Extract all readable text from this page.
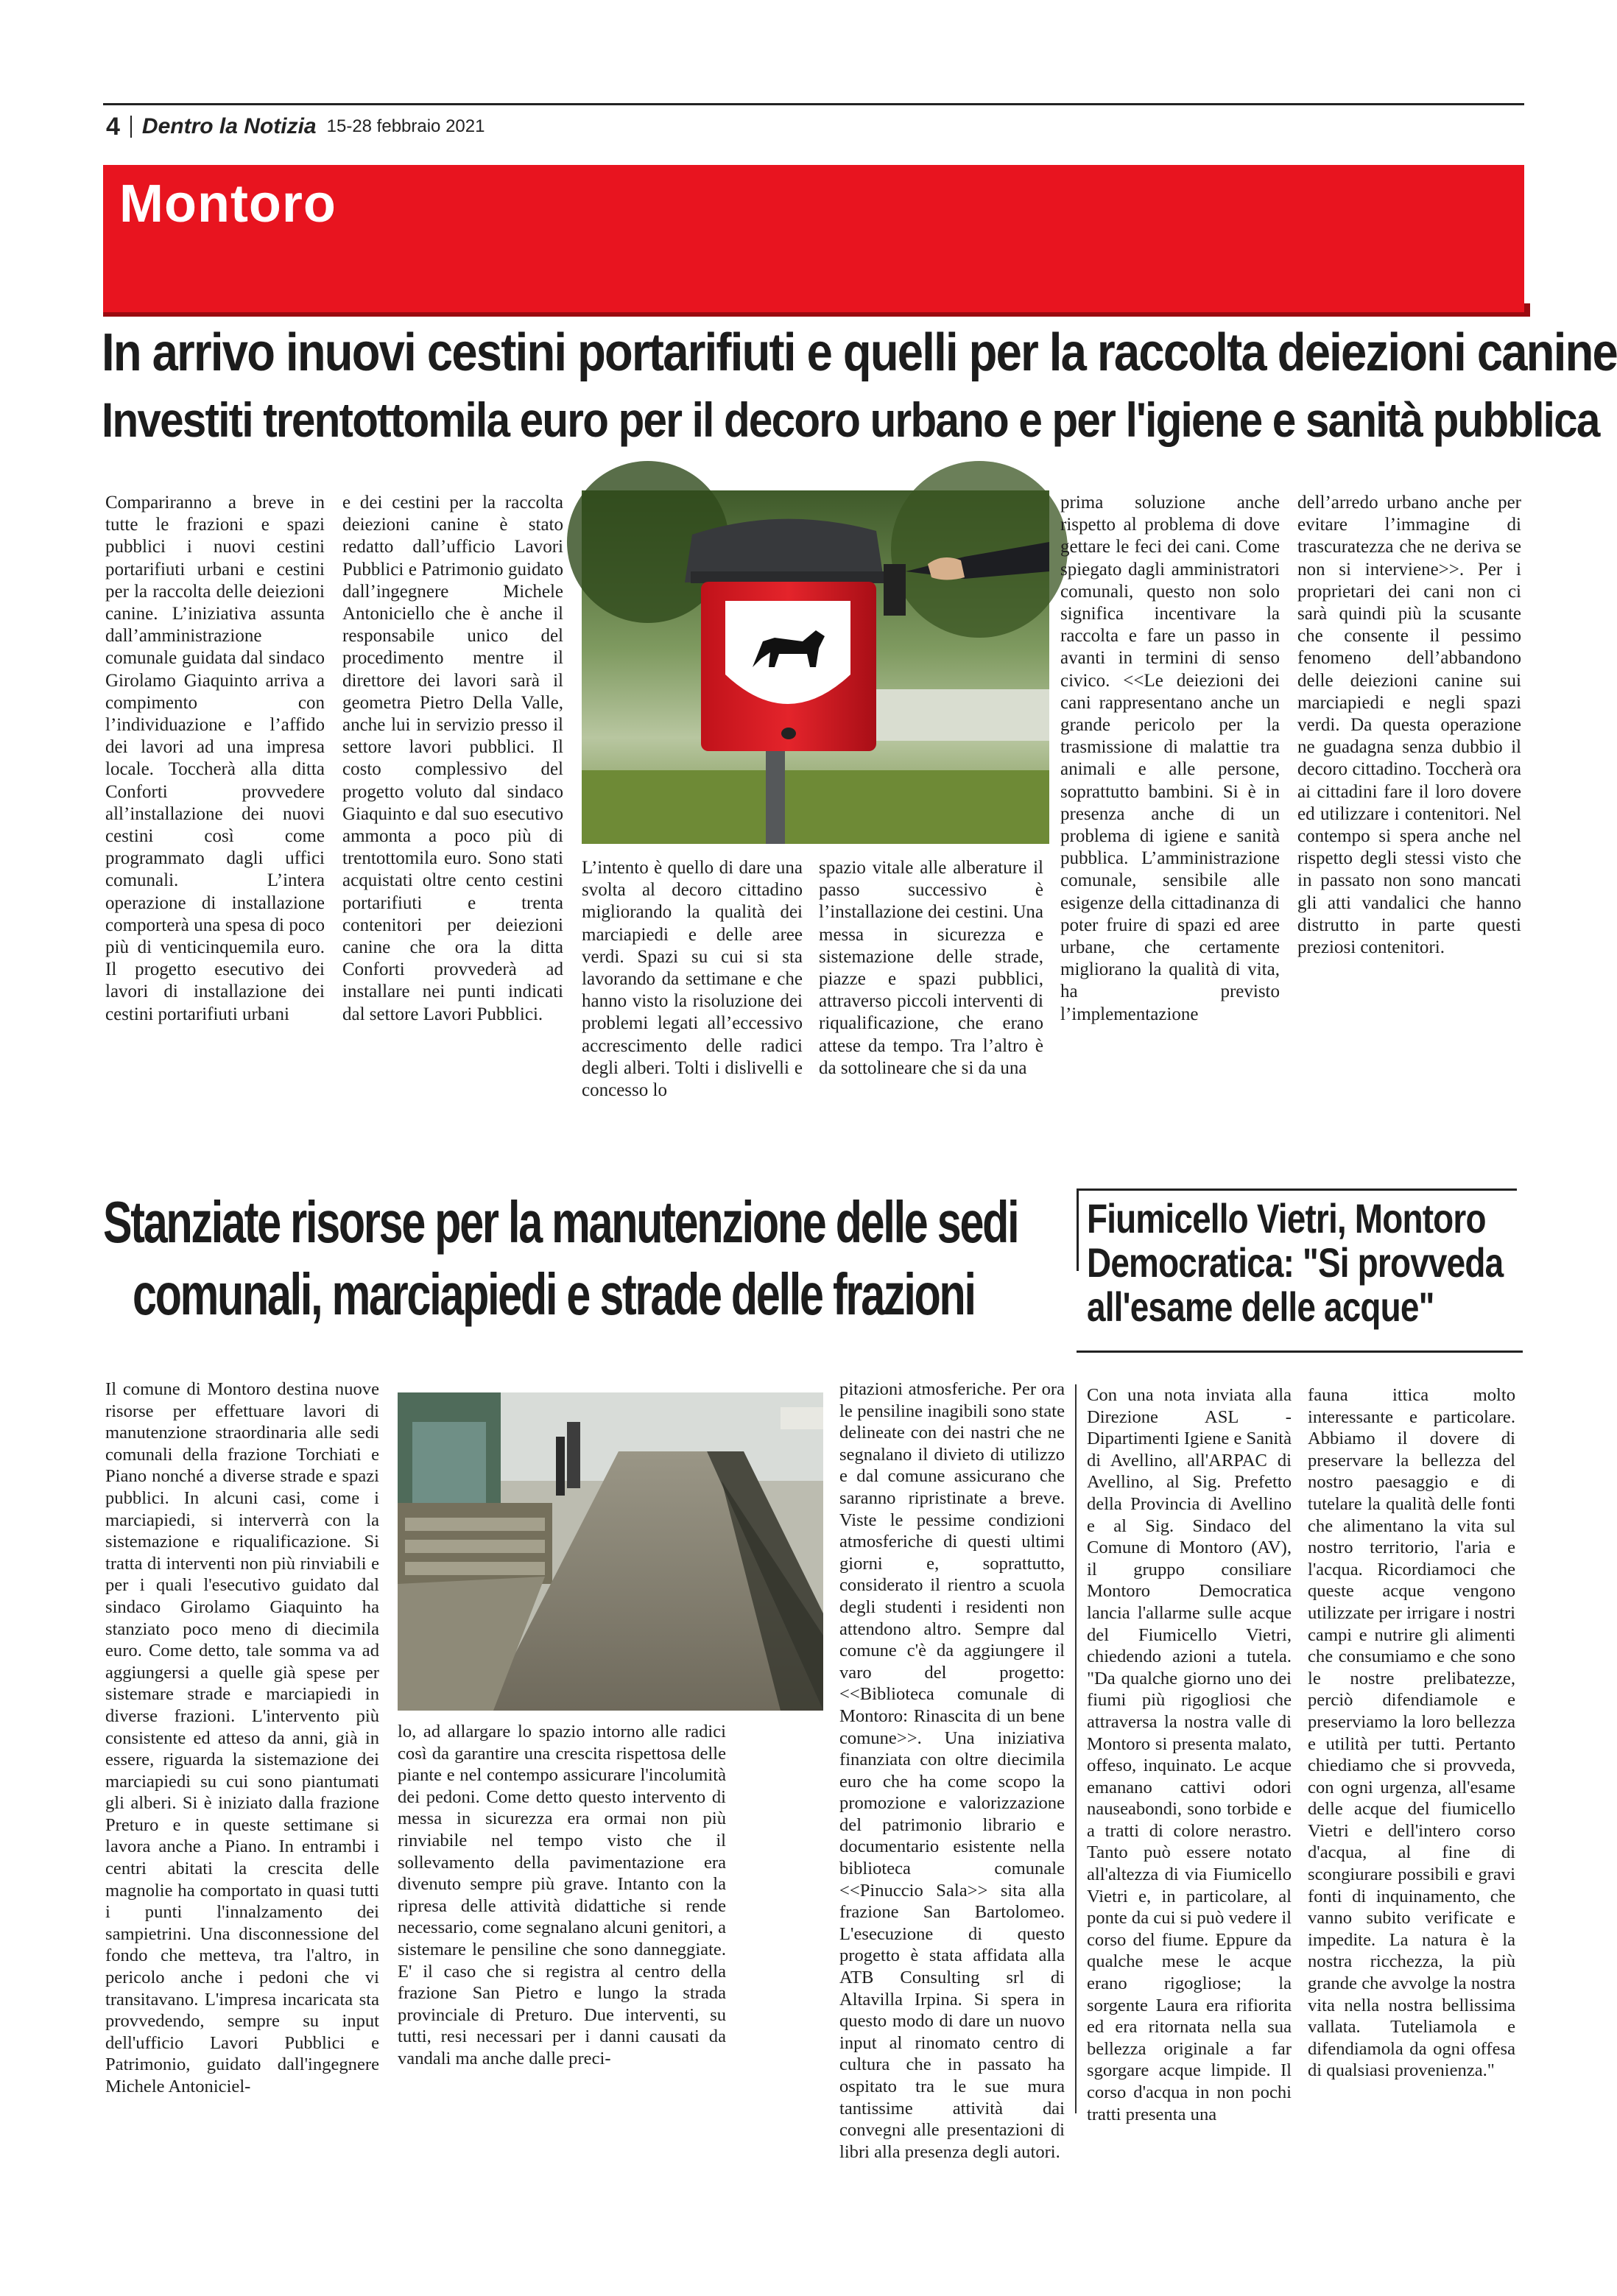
4 Dentro la Notizia 15-28 febbraio 2021
Montoro
In arrivo inuovi cestini portarifiuti e quelli per la raccolta deiezioni canine
Investiti trentottomila euro per il decoro urbano e per l'igiene e sanità pubblica
Compariranno a breve in tutte le frazioni e spazi pubblici i nuovi cestini portarifiuti urbani e cestini per la raccolta delle deiezioni canine. L’iniziativa assunta dall’amministrazione comunale guidata dal sindaco Girolamo Giaquinto arriva a compimento con l’individuazione e l’affido dei lavori ad una impresa locale. Toccherà alla ditta Conforti provvedere all’installazione dei nuovi cestini così come programmato dagli uffici comunali. L’intera operazione di installazione comporterà una spesa di poco più di venticinquemila euro. Il progetto esecutivo dei lavori di installazione dei cestini portarifiuti urbani
e dei cestini per la raccolta deiezioni canine è stato redatto dall’ufficio Lavori Pubblici e Patrimonio guidato dall’ingegnere Michele Antoniciello che è anche il responsabile unico del procedimento mentre il direttore dei lavori sarà il geometra Pietro Della Valle, anche lui in servizio presso il settore lavori pubblici. Il costo complessivo del progetto voluto dal sindaco Giaquinto e dal suo esecutivo ammonta a poco più di trentottomila euro. Sono stati acquistati oltre cento cestini portarifiuti e trenta contenitori per deiezioni canine che ora la ditta Conforti provvederà ad installare nei punti indicati dal settore Lavori Pubblici.
L’intento è quello di dare una svolta al decoro cittadino migliorando la qualità dei marciapiedi e delle aree verdi. Spazi su cui si sta lavorando da settimane e che hanno visto la risoluzione dei problemi legati all’eccessivo accrescimento delle radici degli alberi. Tolti i dislivelli e concesso lo
spazio vitale alle alberature il passo successivo è l’installazione dei cestini. Una messa in sicurezza e sistemazione delle strade, piazze e spazi pubblici, attraverso piccoli interventi di riqualificazione, che erano attese da tempo. Tra l’altro è da sottolineare che si da una
prima soluzione anche rispetto al problema di dove gettare le feci dei cani. Come spiegato dagli amministratori comunali, questo non solo significa incentivare la raccolta e fare un passo in avanti in termini di senso civico. <<Le deiezioni dei cani rappresentano anche un grande pericolo per la trasmissione di malattie tra animali e alle persone, soprattutto bambini. Si è in presenza anche di un problema di igiene e sanità pubblica. L’amministrazione comunale, sensibile alle esigenze della cittadinanza di poter fruire di spazi ed aree urbane, che certamente migliorano la qualità di vita, ha previsto l’implementazione
dell’arredo urbano anche per evitare l’immagine di trascuratezza che ne deriva se non si interviene>>. Per i proprietari dei cani non ci sarà quindi più la scusante che consente il pessimo fenomeno dell’abbandono delle deiezioni canine sui marciapiedi e negli spazi verdi. Da questa operazione ne guadagna senza dubbio il decoro cittadino. Toccherà ora ai cittadini fare il loro dovere ed utilizzare i contenitori. Nel contempo si spera anche nel rispetto degli stessi visto che in passato non sono mancati gli atti vandalici che hanno distrutto in parte questi preziosi contenitori.
Stanziate risorse per la manutenzione delle sedi
comunali, marciapiedi e strade delle frazioni
Fiumicello Vietri, Montoro
Democratica: "Si provveda
all'esame delle acque"
Il comune di Montoro destina nuove risorse per effettuare lavori di manutenzione straordinaria alle sedi comunali della frazione Torchiati e Piano nonché a diverse strade e spazi pubblici. In alcuni casi, come i marciapiedi, si interverrà con la sistemazione e riqualificazione. Si tratta di interventi non più rinviabili e per i quali l'esecutivo guidato dal sindaco Girolamo Giaquinto ha stanziato poco meno di diecimila euro. Come detto, tale somma va ad aggiungersi a quelle già spese per sistemare strade e marciapiedi in diverse frazioni. L'intervento più consistente ed atteso da anni, già in essere, riguarda la sistemazione dei marciapiedi su cui sono piantumati gli alberi. Si è iniziato dalla frazione Preturo e in queste settimane si lavora anche a Piano. In entrambi i centri abitati la crescita delle magnolie ha comportato in quasi tutti i punti l'innalzamento dei sampietrini. Una disconnessione del fondo che metteva, tra l'altro, in pericolo anche i pedoni che vi transitavano. L'impresa incaricata sta provvedendo, sempre su input dell'ufficio Lavori Pubblici e Patrimonio, guidato dall'ingegnere Michele Antoniciel-
lo, ad allargare lo spazio intorno alle radici così da garantire una crescita rispettosa delle piante e nel contempo assicurare l'incolumità dei pedoni. Come detto questo intervento di messa in sicurezza era ormai non più rinviabile nel tempo visto che il sollevamento della pavimentazione era divenuto sempre più grave. Intanto con la ripresa delle attività didattiche si rende necessario, come segnalano alcuni genitori, a sistemare le pensiline che sono danneggiate. E' il caso che si registra al centro della frazione San Pietro e lungo la strada provinciale di Preturo. Due interventi, su tutti, resi necessari per i danni causati da vandali ma anche dalle preci-
pitazioni atmosferiche. Per ora le pensiline inagibili sono state delineate con dei nastri che ne segnalano il divieto di utilizzo e dal comune assicurano che saranno ripristinate a breve. Viste le pessime condizioni atmosferiche di questi ultimi giorni e, soprattutto, considerato il rientro a scuola degli studenti i residenti non attendono altro. Sempre dal comune c'è da aggiungere il varo del progetto: <<Biblioteca comunale di Montoro: Rinascita di un bene comune>>. Una iniziativa finanziata con oltre diecimila euro che ha come scopo la promozione e valorizzazione del patrimonio librario e documentario esistente nella biblioteca comunale <<Pinuccio Sala>> sita alla frazione San Bartolomeo. L'esecuzione di questo progetto è stata affidata alla ATB Consulting srl di Altavilla Irpina. Si spera in questo modo di dare un nuovo input al rinomato centro di cultura che in passato ha ospitato tra le sue mura tantissime attività dai convegni alle presentazioni di libri alla presenza degli autori.
Con una nota inviata alla Direzione ASL - Dipartimenti Igiene e Sanità di Avellino, all'ARPAC di Avellino, al Sig. Prefetto della Provincia di Avellino e al Sig. Sindaco del Comune di Montoro (AV), il gruppo consiliare Montoro Democratica lancia l'allarme sulle acque del Fiumicello Vietri, chiedendo azioni a tutela. "Da qualche giorno uno dei fiumi più rigogliosi che attraversa la nostra valle di Montoro si presenta malato, offeso, inquinato. Le acque emanano cattivi odori nauseabondi, sono torbide e a tratti di colore nerastro. Tanto può essere notato all'altezza di via Fiumicello Vietri e, in particolare, al ponte da cui si può vedere il corso del fiume. Eppure da qualche mese le acque erano rigogliose; la sorgente Laura era rifiorita ed era ritornata nella sua bellezza originale a far sgorgare acque limpide. Il corso d'acqua in non pochi tratti presenta una
fauna ittica molto interessante e particolare. Abbiamo il dovere di preservare la bellezza del nostro paesaggio e di tutelare la qualità delle fonti che alimentano la vita sul nostro territorio, l'aria e l'acqua. Ricordiamoci che queste acque vengono utilizzate per irrigare i nostri campi e nutrire gli alimenti che consumiamo e che sono le nostre prelibatezze, perciò difendiamole e preserviamo la loro bellezza e utilità per tutti. Pertanto chiediamo che si provveda, con ogni urgenza, all'esame delle acque del fiumicello Vietri e dell'intero corso d'acqua, al fine di scongiurare possibili e gravi fonti di inquinamento, che vanno subito verificate e impedite. La natura è la nostra ricchezza, la più grande che avvolge la nostra vita nella nostra bellissima vallata. Tuteliamola e difendiamola da ogni offesa di qualsiasi provenienza."
